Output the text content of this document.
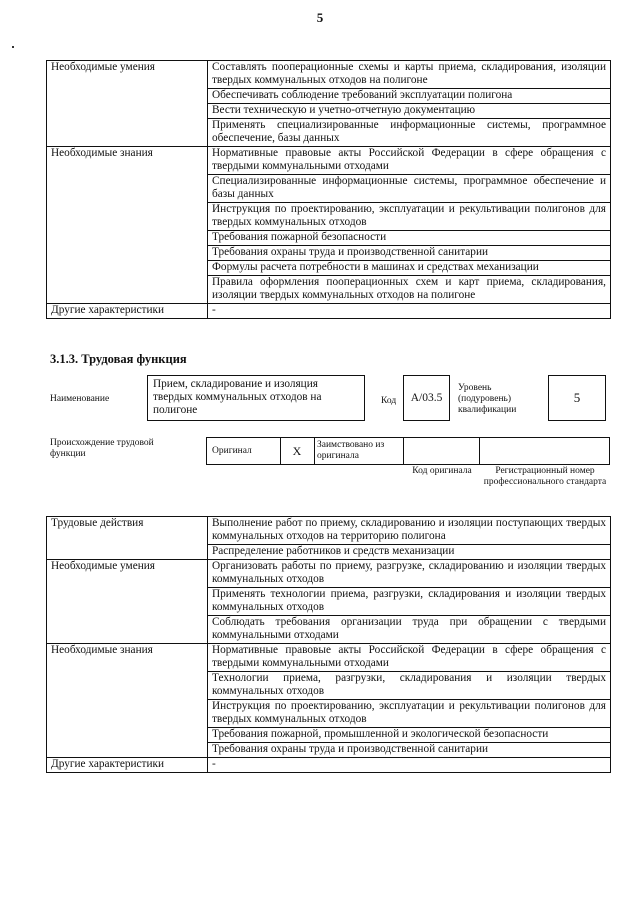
5
Необходимые умения	Составлять пооперационные схемы и карты приема, складирования, изоляции твердых коммунальных отходов на полигоне
	Обеспечивать соблюдение требований эксплуатации полигона
	Вести техническую и учетно-отчетную документацию
	Применять специализированные информационные системы, программное обеспечение, базы данных
Необходимые знания	Нормативные правовые акты Российской Федерации в сфере обращения с твердыми коммунальными отходами
	Специализированные информационные системы, программное обеспечение и базы данных
	Инструкция по проектированию, эксплуатации и рекультивации полигонов для твердых коммунальных отходов
	Требования пожарной безопасности
	Требования охраны труда и производственной санитарии
	Формулы расчета потребности в машинах и средствах механизации
	Правила оформления пооперационных схем и карт приема, складирования, изоляции твердых коммунальных отходов на полигоне
Другие характеристики	-
3.1.3. Трудовая функция
Наименование
Прием, складирование и изоляция твердых коммунальных отходов на полигоне
Код A/03.5
Уровень (подуровень) квалификации
5
Происхождение трудовой функции	Оригинал	X Заимствовано из оригинала
Код оригинала	Регистрационный номер профессионального стандарта
Трудовые действия	Выполнение работ по приему, складированию и изоляции поступающих твердых коммунальных отходов на территорию полигона
	Распределение работников и средств механизации
Необходимые умения	Организовать работы по приему, разгрузке, складированию и изоляции твердых коммунальных отходов
	Применять технологии приема, разгрузки, складирования и изоляции твердых коммунальных отходов
	Соблюдать требования организации труда при обращении с твердыми коммунальными отходами
Необходимые знания	Нормативные правовые акты Российской Федерации в сфере обращения с твердыми коммунальными отходами
	Технологии приема, разгрузки, складирования и изоляции твердых коммунальных отходов
	Инструкция по проектированию, эксплуатации и рекультивации полигонов для твердых коммунальных отходов
	Требования пожарной, промышленной и экологической безопасности
	Требования охраны труда и производственной санитарии
Другие характеристики	-
